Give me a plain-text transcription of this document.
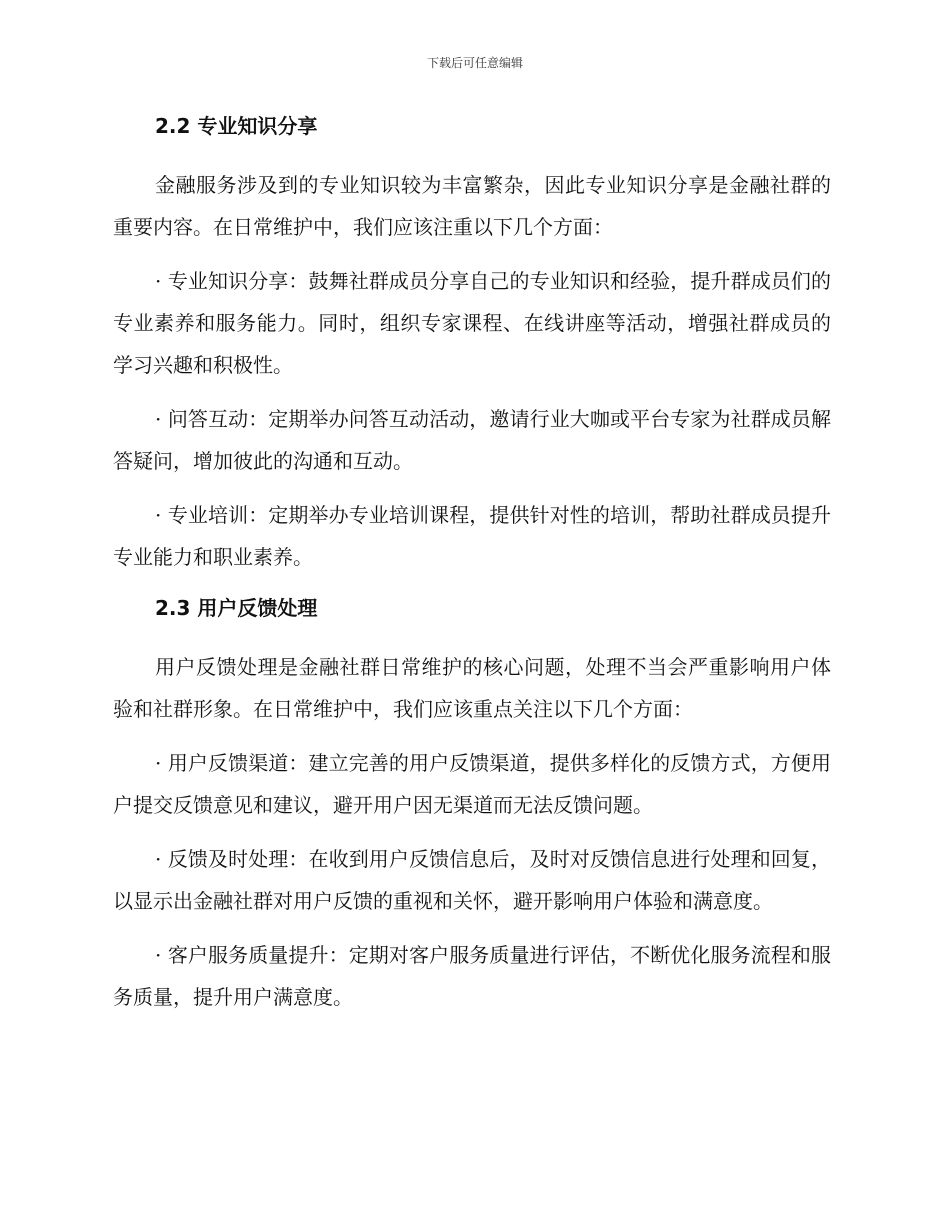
下载后可任意编辑
2.2 专业知识分享

金融服务涉及到的专业知识较为丰富繁杂，因此专业知识分享是金融社群的重要内容。在日常维护中，我们应该注重以下几个方面：

· 专业知识分享：鼓舞社群成员分享自己的专业知识和经验，提升群成员们的专业素养和服务能力。同时，组织专家课程、在线讲座等活动，增强社群成员的学习兴趣和积极性。

· 问答互动：定期举办问答互动活动，邀请行业大咖或平台专家为社群成员解答疑问，增加彼此的沟通和互动。

· 专业培训：定期举办专业培训课程，提供针对性的培训，帮助社群成员提升专业能力和职业素养。

2.3 用户反馈处理

用户反馈处理是金融社群日常维护的核心问题，处理不当会严重影响用户体验和社群形象。在日常维护中，我们应该重点关注以下几个方面：

· 用户反馈渠道：建立完善的用户反馈渠道，提供多样化的反馈方式，方便用户提交反馈意见和建议，避开用户因无渠道而无法反馈问题。

· 反馈及时处理：在收到用户反馈信息后，及时对反馈信息进行处理和回复，以显示出金融社群对用户反馈的重视和关怀，避开影响用户体验和满意度。

· 客户服务质量提升：定期对客户服务质量进行评估，不断优化服务流程和服务质量，提升用户满意度。
